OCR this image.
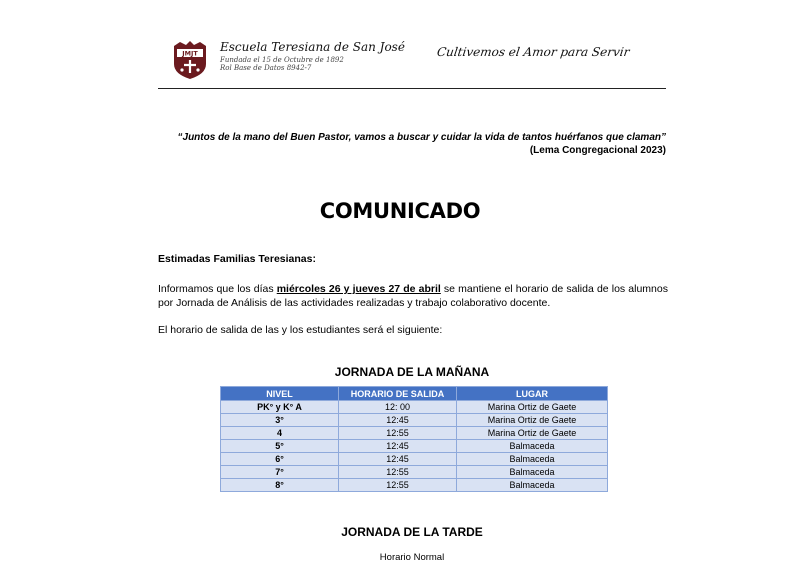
JMJT Escuela Teresiana de San José
Fundada el 15 de Octubre de 1892
Rol Base de Datos 8942-7
Cultivemos el Amor para Servir
“Juntos de la mano del Buen Pastor, vamos a buscar y cuidar la vida de tantos huérfanos que claman”
(Lema Congregacional 2023)
COMUNICADO
Estimadas Familias Teresianas:
Informamos que los días miércoles 26 y jueves 27 de abril se mantiene el horario de salida de los alumnos por Jornada de Análisis de las actividades realizadas y trabajo colaborativo docente.
El horario de salida de las y los estudiantes será el siguiente:
JORNADA DE LA MAÑANA
NIVEL	HORARIO DE SALIDA	LUGAR
PK° y K° A	12: 00	Marina Ortiz de Gaete
3°	12:45	Marina Ortiz de Gaete
4	12:55	Marina Ortiz de Gaete
5°	12:45	Balmaceda
6°	12:45	Balmaceda
7°	12:55	Balmaceda
8°	12:55	Balmaceda
JORNADA DE LA TARDE
Horario Normal
